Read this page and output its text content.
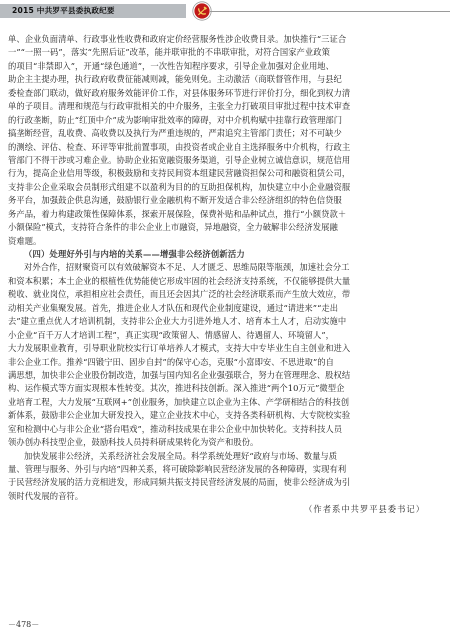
2015 中共罗平县委执政纪要
单、企业负面清单、行政事业性收费和政府定价经营服务性涉企收费目录。加快推行“三证合
一”“一照一码”，落实“先照后证”改革，能并联审批的不串联审批，对符合国家产业政策
的项目“非禁即入”，开通“绿色通道”，一次性告知程序要求，引导企业加强对企业用地、
助企主主提办理，执行政府收费征能减则减，能免则免。主动激活（商联督管作用，与县纪
委检查部门联动，做好政府服务效能评价工作，对县体服务环节进行评价打分，细化到权力清
单的子项目。清理和规范与行政审批相关的中介服务，主张全力打破项目审批过程中技术审查
的行政垄断，防止“红顶中介”成为影响审批效率的障碍，对中介机构赋中挂靠行政管理部门
搞垄断经营，乱收费、高收费以及执行为严重违规的，严肃追究主管部门责任；对不可缺少
的测绘、评估、检查、环评等审批前置事项，由投资者或企业自主选择服务中介机构，行政主
管部门不得干涉或习难企业。协助企业拓宽融资服务渠道，引导企业树立诚信意识，规范信用
行为，提高企业信用等级，积极鼓励和支持民间资本组建民营融资担保公司和融资租赁公司，
支持非公企业采取会员制形式组建不以盈利为目的的互助担保机构，加快建立中小企业融资服
务平台，加强鼓企供息沟通，鼓励银行业金融机构不断开发适合非公经济组织的特色信贷服
务产品，着力构建政策性保障体系，探索开展保险，保费补贴和品种试点，推行“小额贷款＋
小额保险”模式，支持符合条件的非公企业上市融资，异地融资，全力破解非公经济发展融
资难题。
（四）处理好外引与内培的关系——增强非公经济创新活力
对外合作，招财聚资可以有效破解资本不足、人才匮乏、思维局限等瓶颈，加速社会分工
和资本积累；本土企业的根植性优势能使它形成牢固的社会经济支持系统，不仅能够提供大量
税收、就业岗位，承担相应社会责任，而且还会因其广泛的社会经济联系而产生放大效应，带
动相关产业集聚发展。首先，推进企业人才队伍和现代企业制度建设，通过“请进来”“走出
去”建立重点优人才培训机制，支持非公企业大力引进外地人才、培育本土人才，启动实施中
小企业“百千万人才培训工程”，真正实现“政策留人、情感留人、待遇留人、环境留人”，
大力发展职业教育，引导职业院校实行订单培养人才模式，支持大中专毕业生自主创业和进入
非公企业工作。推养“四锻宁田、固步自封”的保守心态，克服“小富即安、不思进取”的自
满思想，加快非公企业股份制改造，加强与国内知名企业强强联合，努力在管理理念、股权结
构、运作模式等方面实现根本性转变。其次，推进科技创新。深入推进“两个10万元”微型企
业培育工程，大力发展“互联网+”创业服务，加快建立以企业为主体、产学研相结合的科技创
新体系，鼓励非公企业加大研发投入，建立企业技术中心，支持各类科研机构、大专院校实验
室和检测中心与非公企业“搭台唱戏”，推动科技成果在非公企业中加快转化。支持科技人员
领办创办科技型企业，鼓励科技人员持科研成果转化为资产和股份。
加快发展非公经济，关系经济社会发展全局。科学系统处理好“政府与市场、数量与质
量、管理与服务、外引与内培”四种关系，将可破除影响民营经济发展的各种障碍，实现有利
于民营经济发展的活力竞相进发，形成同频共振支持民营经济发展的局面，使非公经济成为引
领时代发展的音符。
（作者系中共罗平县委书记）
－478－
